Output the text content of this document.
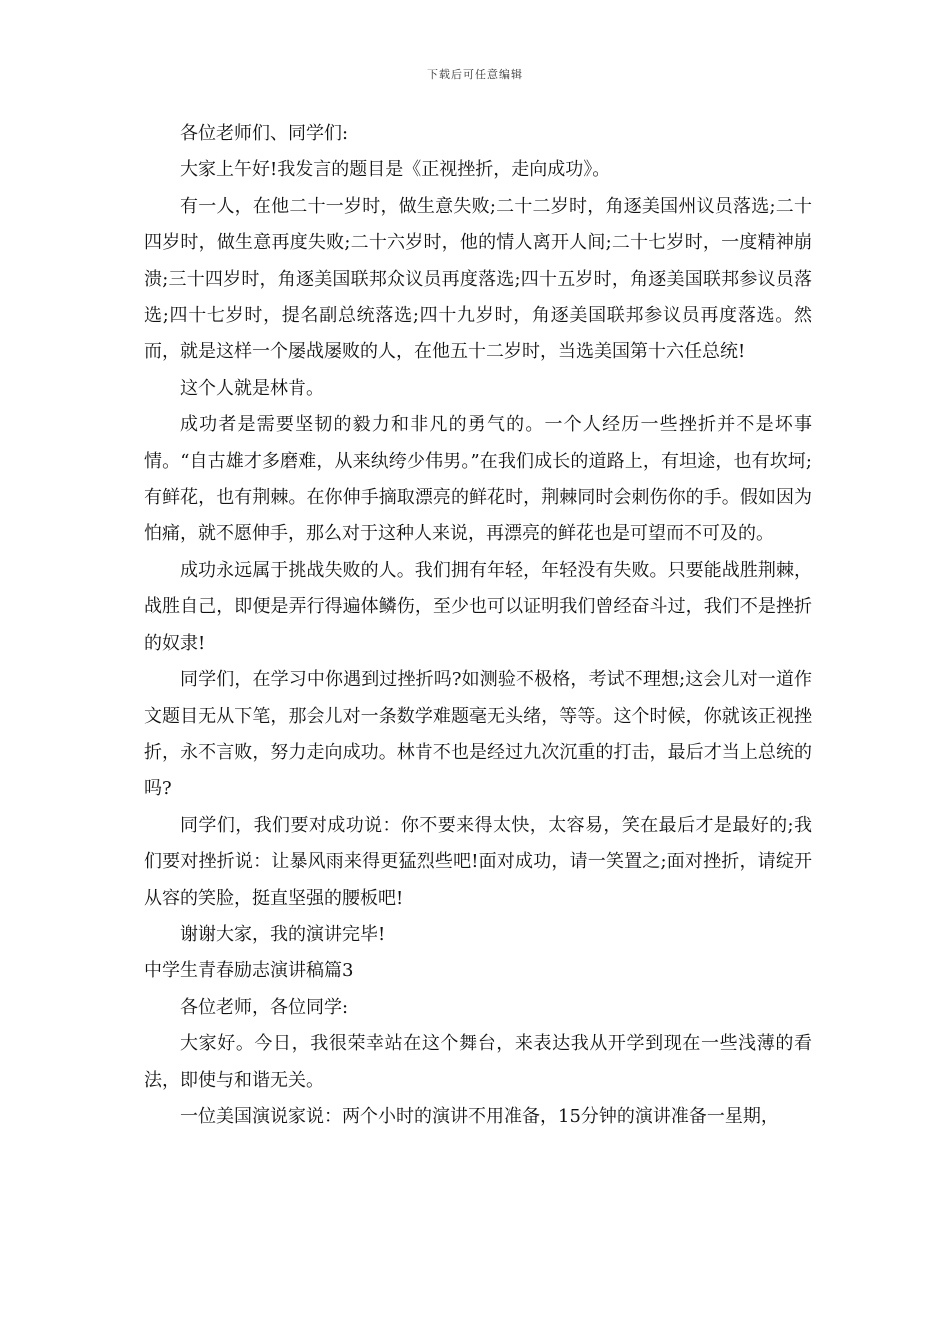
下载后可任意编辑

各位老师们、同学们:

大家上午好!我发言的题目是《正视挫折，走向成功》。

有一人，在他二十一岁时，做生意失败;二十二岁时，角逐美国州议员落选;二十四岁时，做生意再度失败;二十六岁时，他的情人离开人间;二十七岁时，一度精神崩溃;三十四岁时，角逐美国联邦众议员再度落选;四十五岁时，角逐美国联邦参议员落选;四十七岁时，提名副总统落选;四十九岁时，角逐美国联邦参议员再度落选。然而，就是这样一个屡战屡败的人，在他五十二岁时，当选美国第十六任总统!

这个人就是林肯。

成功者是需要坚韧的毅力和非凡的勇气的。一个人经历一些挫折并不是坏事情。“自古雄才多磨难，从来纨绔少伟男。”在我们成长的道路上，有坦途，也有坎坷;有鲜花，也有荆棘。在你伸手摘取漂亮的鲜花时，荆棘同时会刺伤你的手。假如因为怕痛，就不愿伸手，那么对于这种人来说，再漂亮的鲜花也是可望而不可及的。

成功永远属于挑战失败的人。我们拥有年轻，年轻没有失败。只要能战胜荆棘，战胜自己，即便是弄行得遍体鳞伤，至少也可以证明我们曾经奋斗过，我们不是挫折的奴隶!

同学们，在学习中你遇到过挫折吗?如测验不极格，考试不理想;这会儿对一道作文题目无从下笔，那会儿对一条数学难题毫无头绪，等等。这个时候，你就该正视挫折，永不言败，努力走向成功。林肯不也是经过九次沉重的打击，最后才当上总统的吗?

同学们，我们要对成功说：你不要来得太快，太容易，笑在最后才是最好的;我们要对挫折说：让暴风雨来得更猛烈些吧!面对成功，请一笑置之;面对挫折，请绽开从容的笑脸，挺直坚强的腰板吧!

谢谢大家，我的演讲完毕!

中学生青春励志演讲稿篇3

各位老师，各位同学:

大家好。今日，我很荣幸站在这个舞台，来表达我从开学到现在一些浅薄的看法，即使与和谐无关。

一位美国演说家说：两个小时的演讲不用准备，15分钟的演讲准备一星期，
